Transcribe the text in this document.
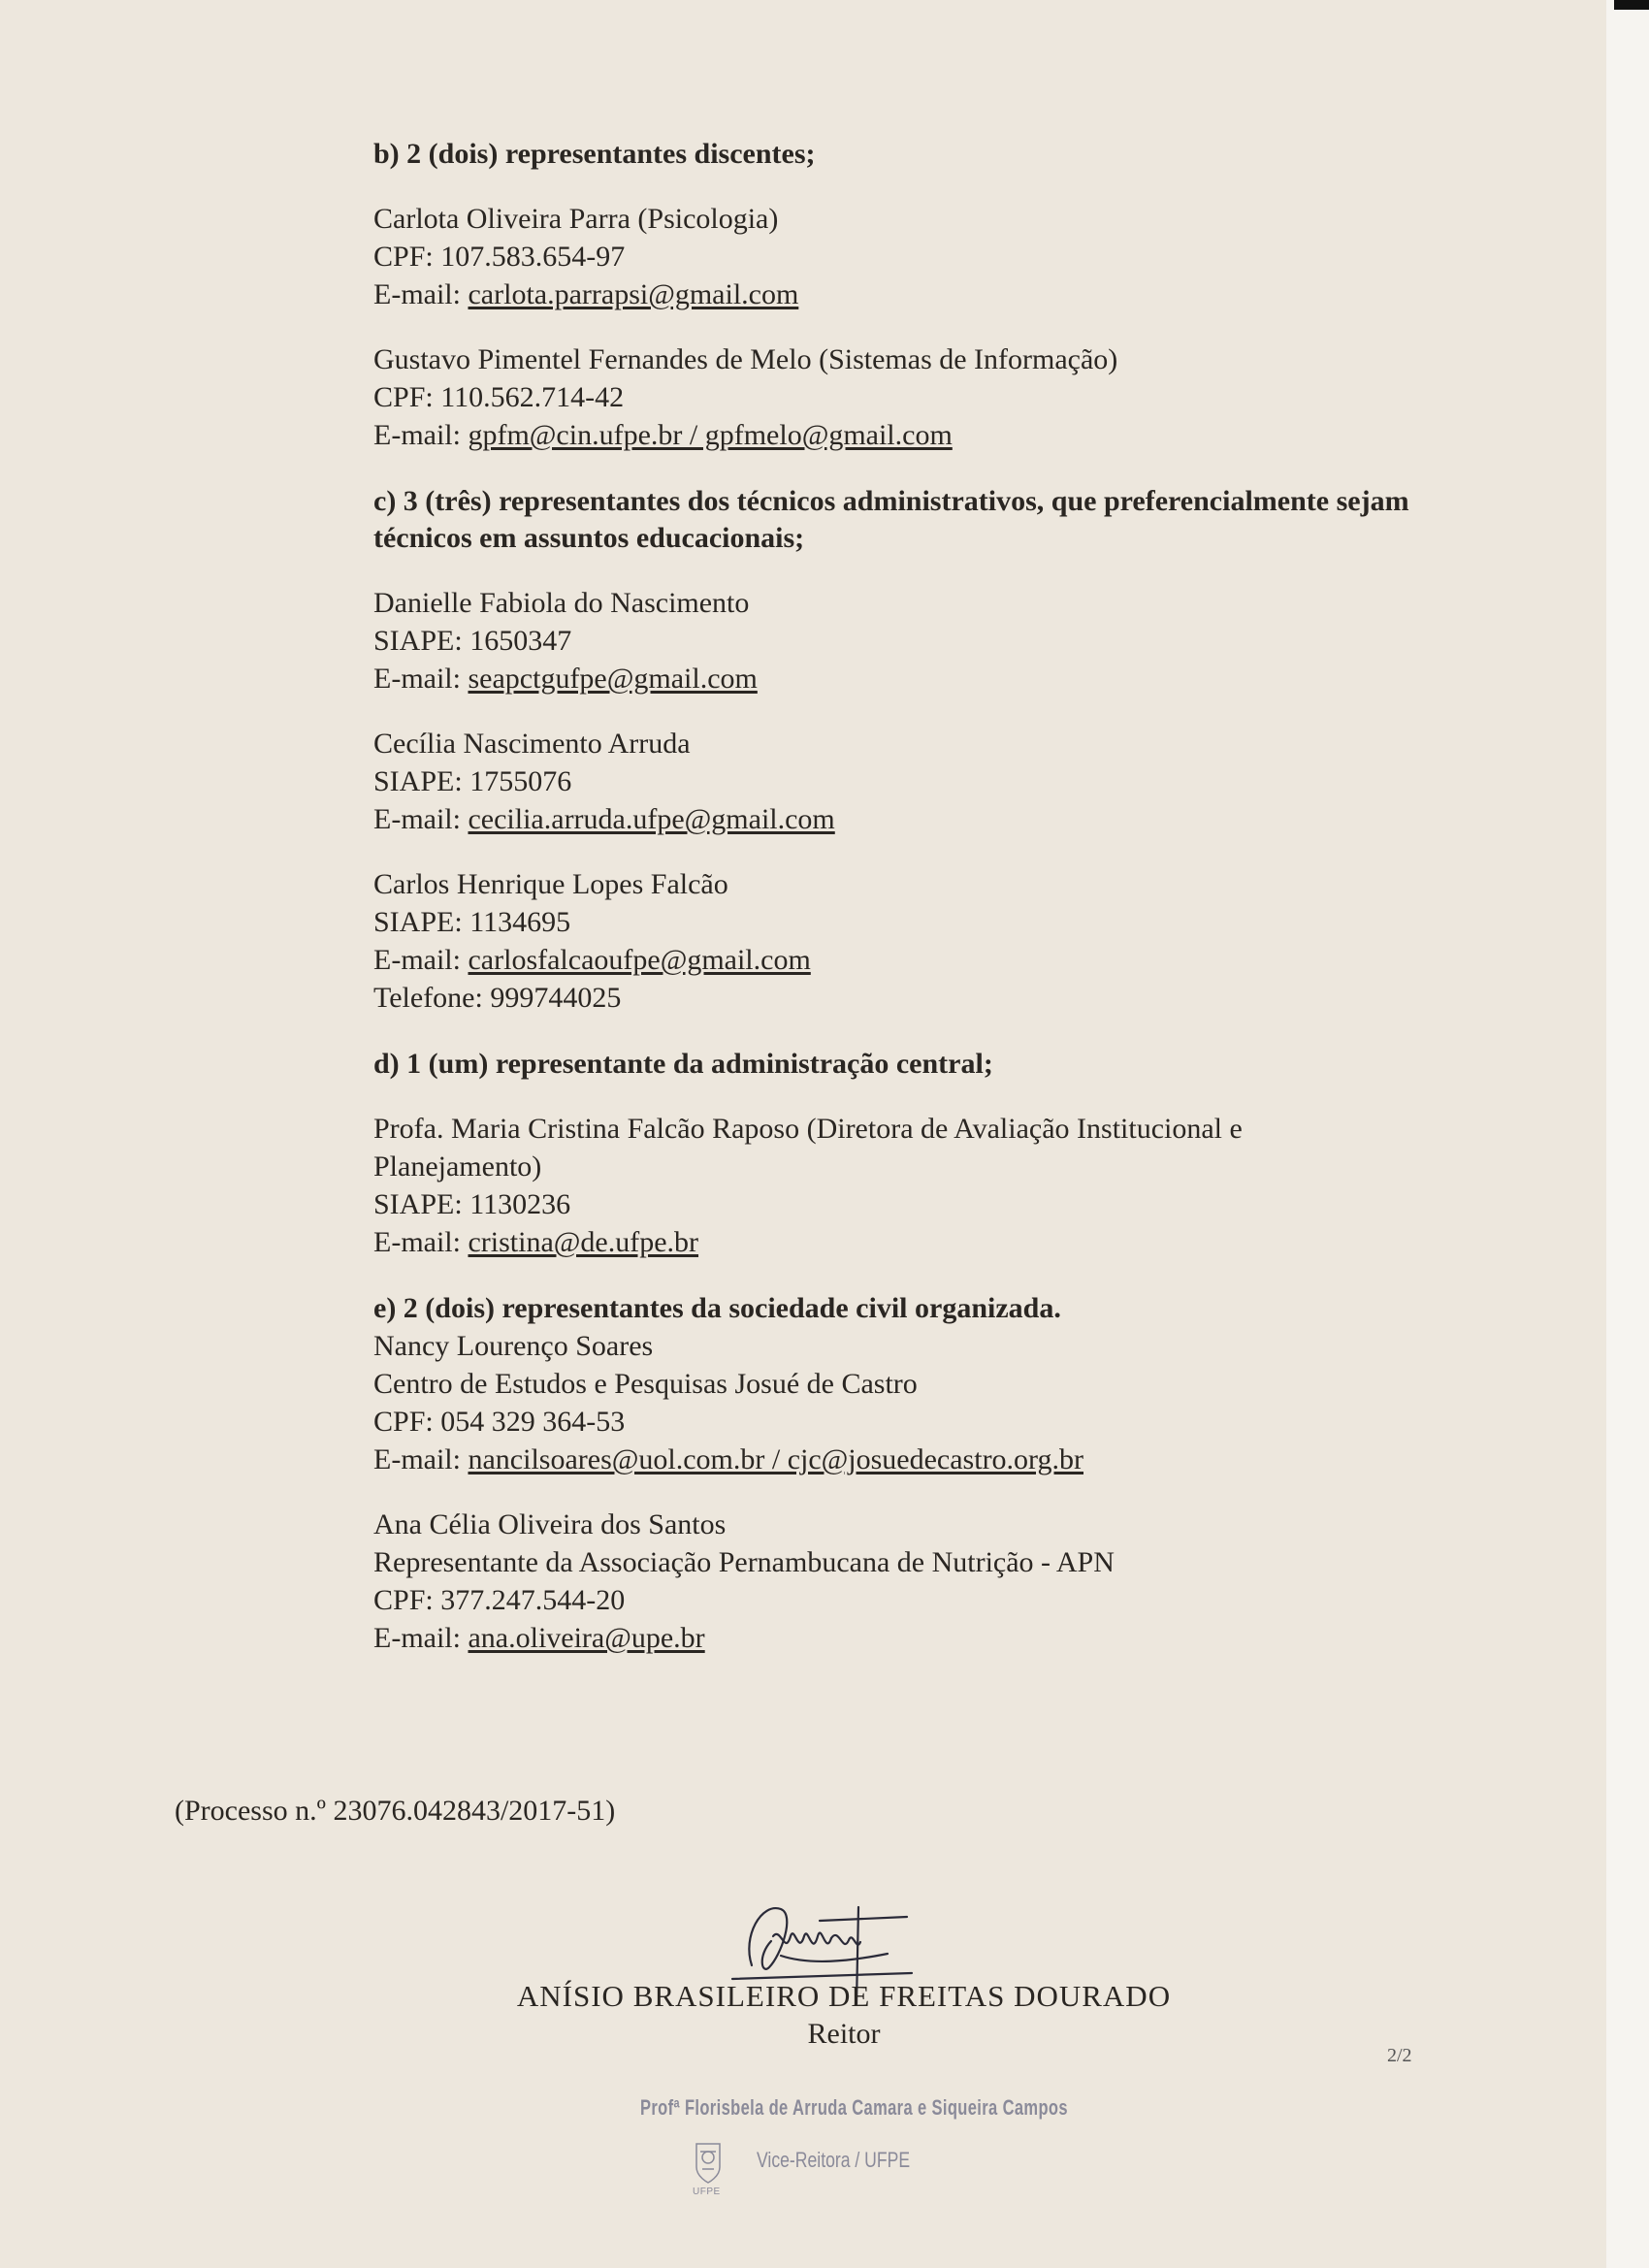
b) 2 (dois) representantes discentes;

Carlota Oliveira Parra (Psicologia)
CPF: 107.583.654-97
E-mail: carlota.parrapsi@gmail.com
Gustavo Pimentel Fernandes de Melo (Sistemas de Informação)
CPF: 110.562.714-42
E-mail: gpfm@cin.ufpe.br / gpfmelo@gmail.com

c) 3 (três) representantes dos técnicos administrativos, que preferencialmente sejam técnicos em assuntos educacionais;

Danielle Fabiola do Nascimento
SIAPE: 1650347
E-mail: seapctgufpe@gmail.com
Cecília Nascimento Arruda
SIAPE: 1755076
E-mail: cecilia.arruda.ufpe@gmail.com
Carlos Henrique Lopes Falcão
SIAPE: 1134695
E-mail: carlosfalcaoufpe@gmail.com
Telefone: 999744025

d) 1 (um) representante da administração central;

Profa. Maria Cristina Falcão Raposo (Diretora de Avaliação Institucional e Planejamento)
SIAPE: 1130236
E-mail: cristina@de.ufpe.br

e) 2 (dois) representantes da sociedade civil organizada.

Nancy Lourenço Soares
Centro de Estudos e Pesquisas Josué de Castro
CPF: 054 329 364-53
E-mail: nancilsoares@uol.com.br / cjc@josuedecastro.org.br
Ana Célia Oliveira dos Santos
Representante da Associação Pernambucana de Nutrição - APN
CPF: 377.247.544-20
E-mail: ana.oliveira@upe.br
(Processo n.º 23076.042843/2017-51)
ANÍSIO BRASILEIRO DE FREITAS DOURADO
Reitor
2/2
Profª Florisbela de Arruda Camara e Siqueira Campos
UFPE
Vice-Reitora / UFPE
